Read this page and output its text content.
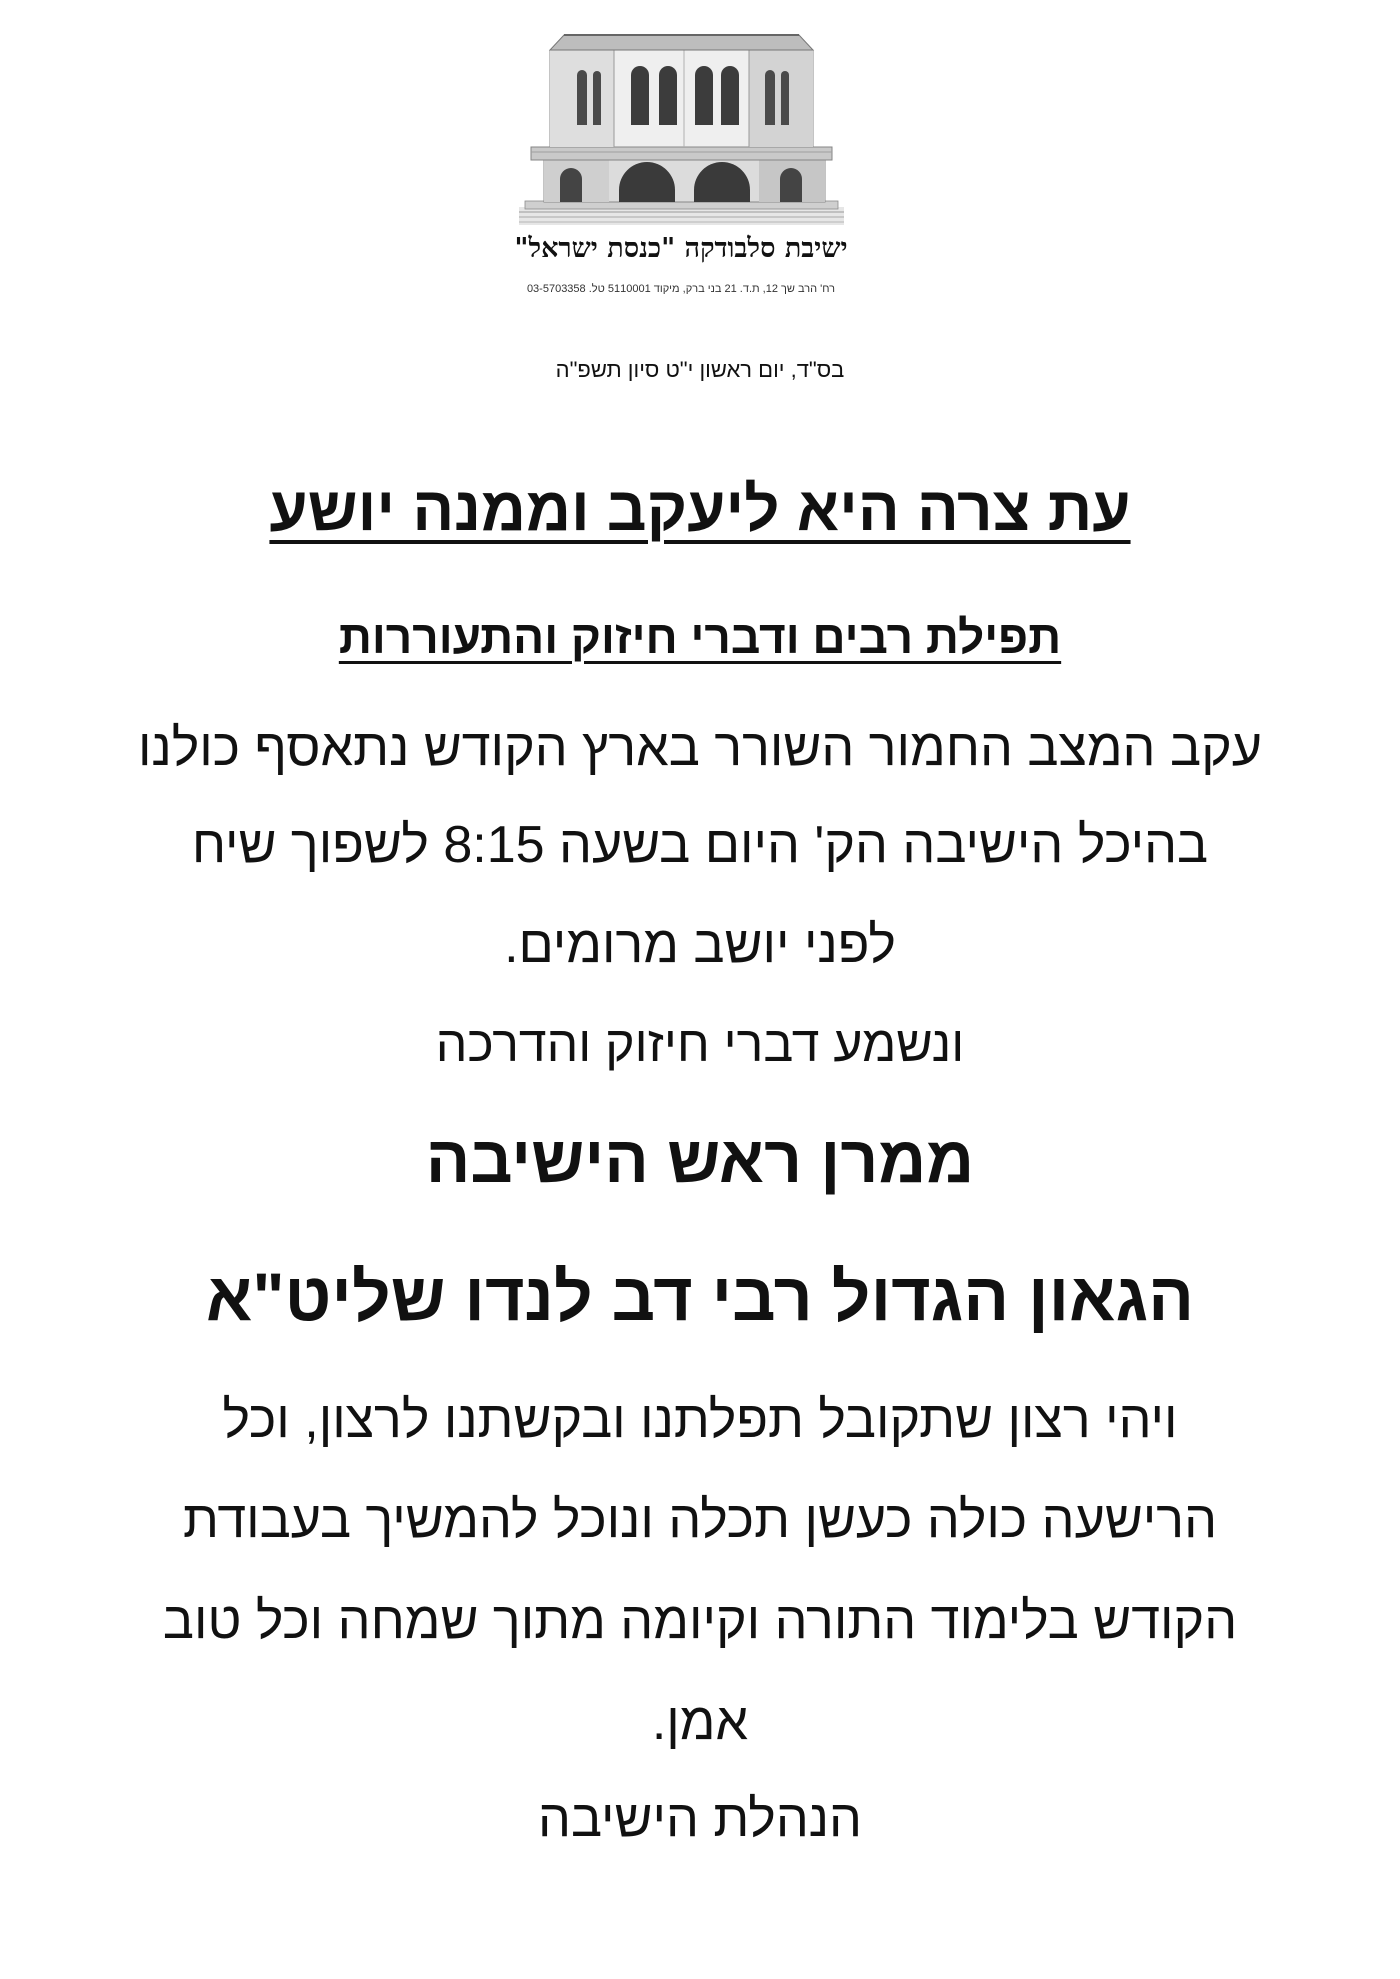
ישיבת סלבודקה "כנסת ישראל"
רח' הרב שך 12, ת.ד. 21 בני ברק, מיקוד 5110001 טל. 03-5703358
בס"ד, יום ראשון י"ט סיון תשפ"ה
עת צרה היא ליעקב וממנה יושע
תפילת רבים ודברי חיזוק והתעוררות
עקב המצב החמור השורר בארץ הקודש נתאסף כולנו
בהיכל הישיבה הק' היום בשעה 8:15 לשפוך שיח
לפני יושב מרומים.
ונשמע דברי חיזוק והדרכה
ממרן ראש הישיבה
הגאון הגדול רבי דב לנדו שליט"א
ויהי רצון שתקובל תפלתנו ובקשתנו לרצון, וכל
הרישעה כולה כעשן תכלה ונוכל להמשיך בעבודת
הקודש בלימוד התורה וקיומה מתוך שמחה וכל טוב
אמן.
הנהלת הישיבה
